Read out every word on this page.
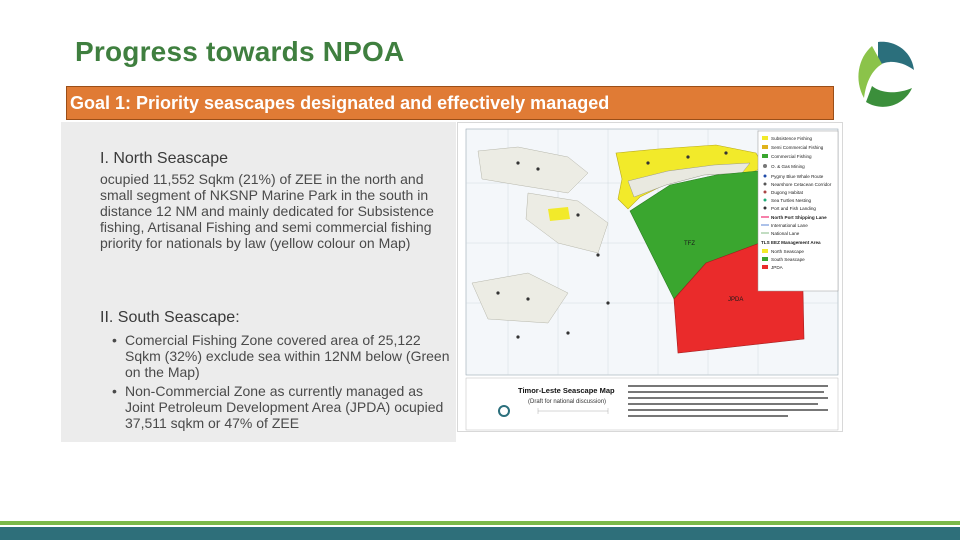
Progress towards NPOA
Goal 1: Priority seascapes designated and effectively managed
I. North Seascape
ocupied 11,552 Sqkm (21%) of ZEE in the north and small segment of NKSNP Marine Park in the south in distance 12 NM and mainly dedicated for Subsistence fishing, Artisanal Fishing and semi commercial fishing priority for nationals by law (yellow colour on Map)
II. South Seascape:
• Comercial Fishing Zone covered area of 25,122 Sqkm (32%) exclude sea within 12NM below (Green on the Map)
• Non-Commercial Zone as currently managed as Joint Petroleum Development Area (JPDA) ocupied 37,511 sqkm or 47% of ZEE
TFZ
JPDA
Subsistence Fishing
Semi Commercial Fishing
Commercial Fishing
O. & Gas Mining
Pygmy Blue Whale Route
Nearshore Cetacean Corridor
Dugong Habitat
Sea Turtles Nesting
Port and Fish Landing
North Port Shipping Lane
International Lane
National Lane
TLS EEZ Management Area
North Seascape
South Seascape
JPDA
Timor-Leste Seascape Map
(Draft for national discussion)
